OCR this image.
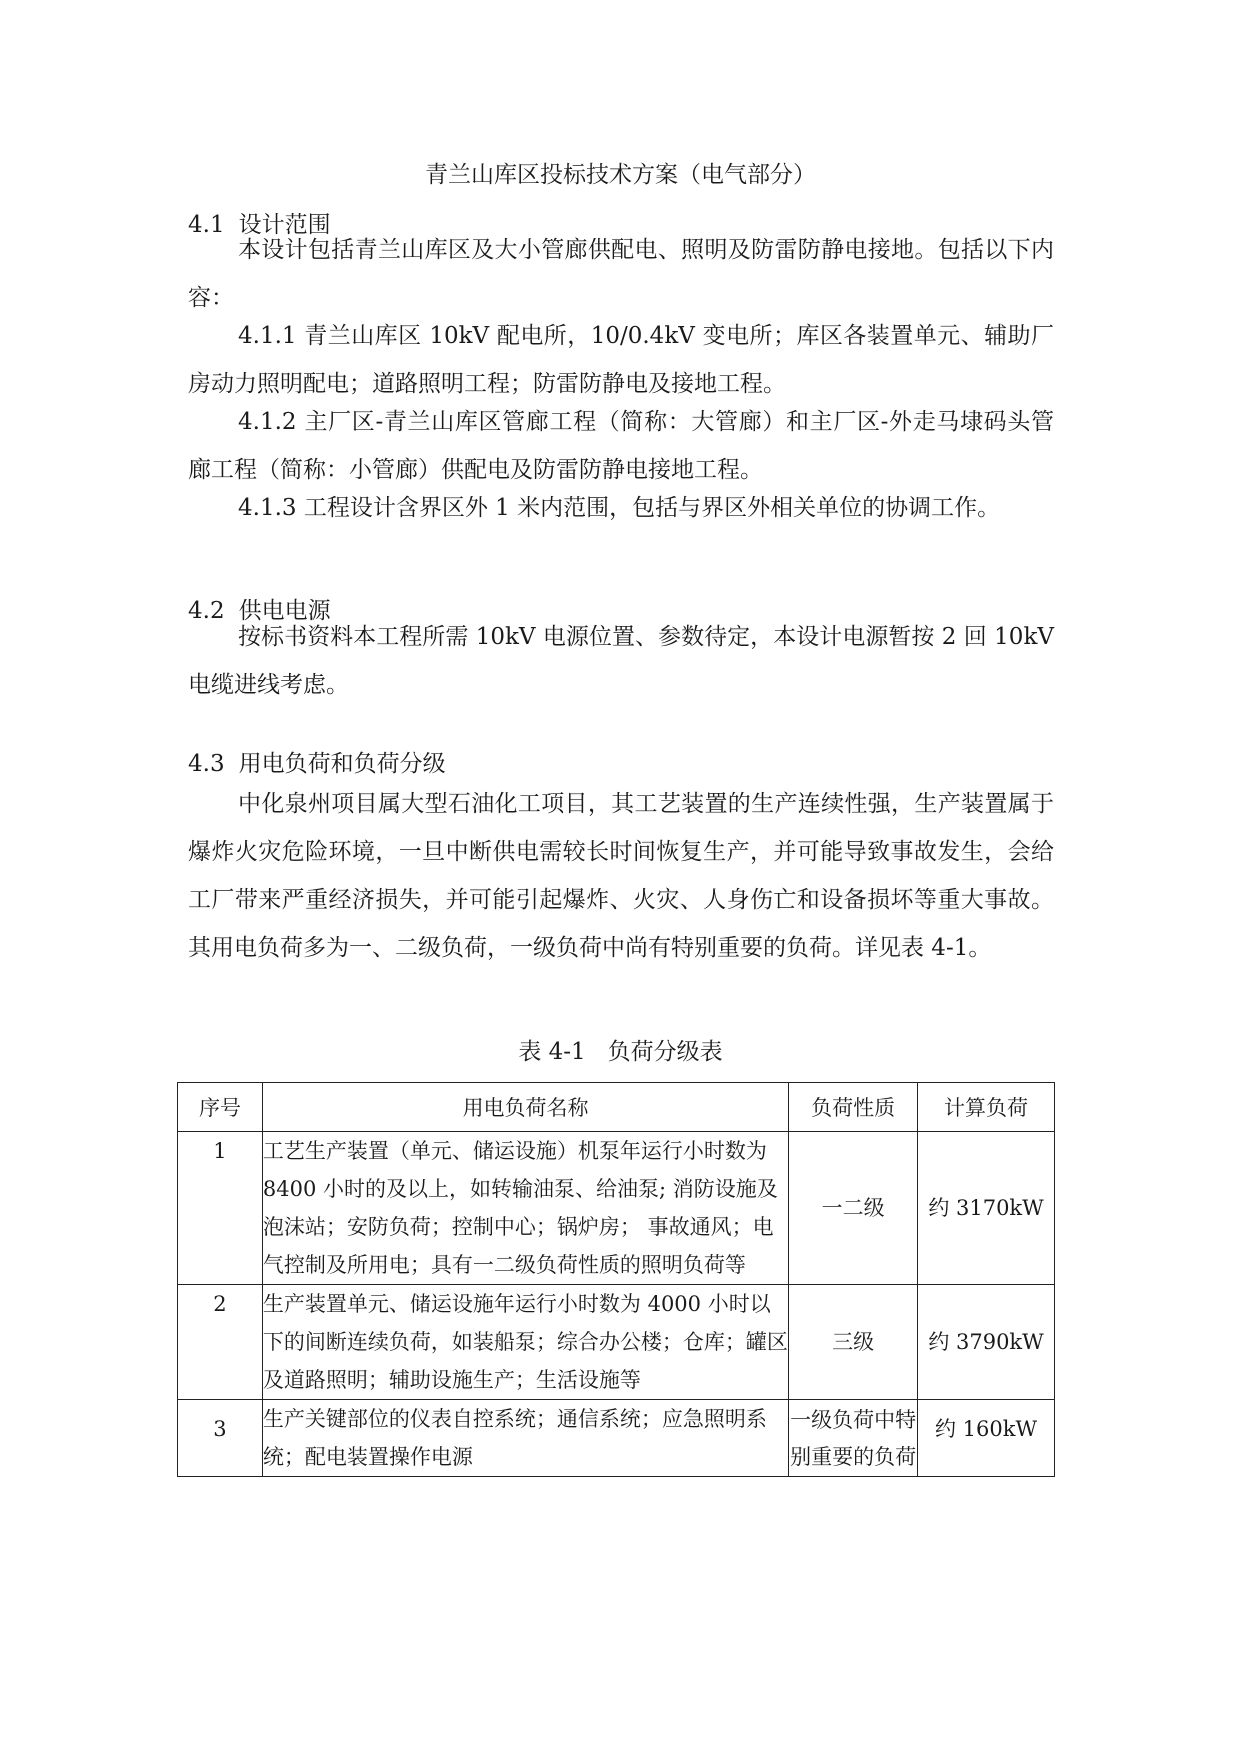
青兰山库区投标技术方案（电气部分）
4.1 设计范围

本设计包括青兰山库区及大小管廊供配电、照明及防雷防静电接地。包括以下内容：

4.1.1 青兰山库区 10kV 配电所，10/0.4kV 变电所；库区各装置单元、辅助厂房动力照明配电；道路照明工程；防雷防静电及接地工程。

4.1.2 主厂区-青兰山库区管廊工程（简称：大管廊）和主厂区-外走马埭码头管廊工程（简称：小管廊）供配电及防雷防静电接地工程。

4.1.3 工程设计含界区外 1 米内范围，包括与界区外相关单位的协调工作。

4.2 供电电源

按标书资料本工程所需 10kV 电源位置、参数待定，本设计电源暂按 2 回 10kV 电缆进线考虑。

4.3 用电负荷和负荷分级

中化泉州项目属大型石油化工项目，其工艺装置的生产连续性强，生产装置属于爆炸火灾危险环境，一旦中断供电需较长时间恢复生产，并可能导致事故发生，会给工厂带来严重经济损失，并可能引起爆炸、火灾、人身伤亡和设备损坏等重大事故。其用电负荷多为一、二级负荷，一级负荷中尚有特别重要的负荷。详见表 4-1。

表 4-1 负荷分级表

序号	用电负荷名称	负荷性质	计算负荷
1	工艺生产装置（单元、储运设施）机泵年运行小时数为 8400 小时的及以上，如转输油泵、给油泵; 消防设施及泡沫站；安防负荷；控制中心；锅炉房； 事故通风；电气控制及所用电；具有一二级负荷性质的照明负荷等	一二级	约 3170kW
2	生产装置单元、储运设施年运行小时数为 4000 小时以下的间断连续负荷，如装船泵；综合办公楼；仓库；罐区及道路照明；辅助设施生产；生活设施等	三级	约 3790kW
3	生产关键部位的仪表自控系统；通信系统；应急照明系统；配电装置操作电源	一级负荷中特别重要的负荷	约 160kW
